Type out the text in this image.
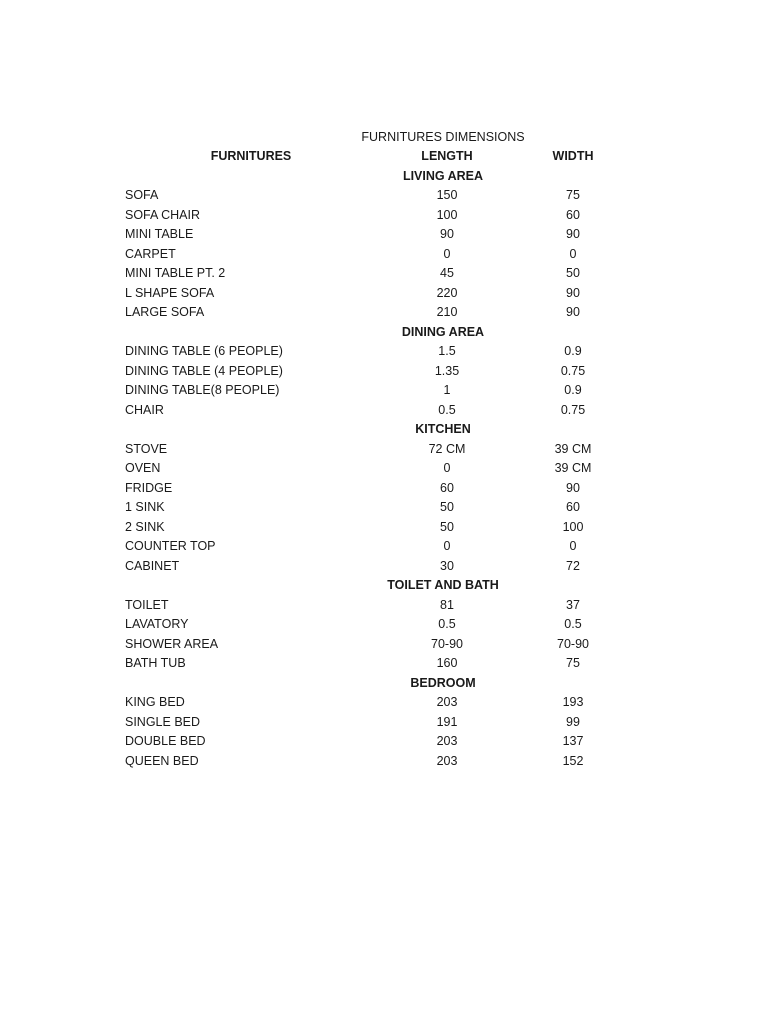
FURNITURES DIMENSIONS
FURNITURES	LENGTH	WIDTH
LIVING AREA
SOFA	150	75
SOFA CHAIR	100	60
MINI TABLE	90	90
CARPET	0	0
MINI TABLE PT. 2	45	50
L SHAPE SOFA	220	90
LARGE SOFA	210	90
DINING AREA
DINING TABLE (6 PEOPLE)	1.5	0.9
DINING TABLE (4 PEOPLE)	1.35	0.75
DINING TABLE(8 PEOPLE)	1	0.9
CHAIR	0.5	0.75
KITCHEN
STOVE	72 CM	39 CM
OVEN	0	39 CM
FRIDGE	60	90
1 SINK	50	60
2 SINK	50	100
COUNTER TOP	0	0
CABINET	30	72
TOILET AND BATH
TOILET	81	37
LAVATORY	0.5	0.5
SHOWER AREA	70-90	70-90
BATH TUB	160	75
BEDROOM
KING BED	203	193
SINGLE BED	191	99
DOUBLE BED	203	137
QUEEN BED	203	152
